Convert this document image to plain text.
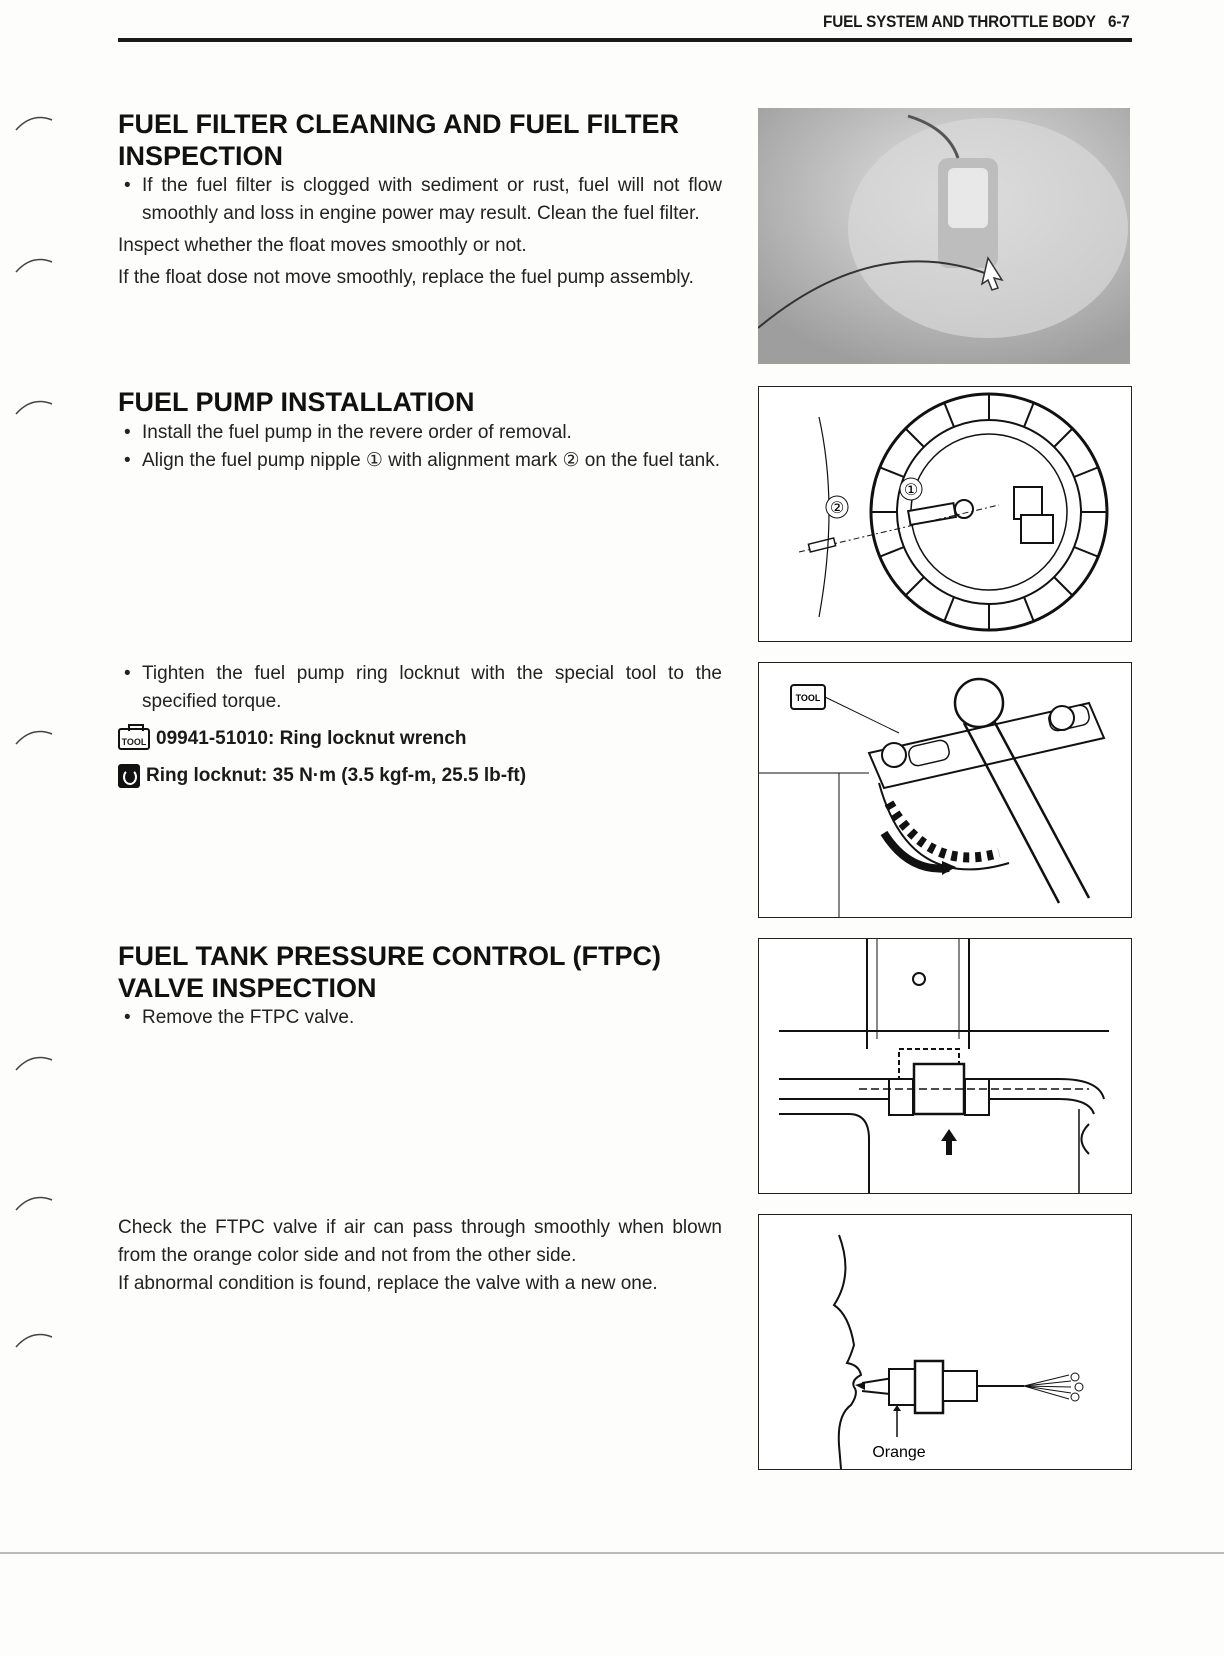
FUEL SYSTEM AND THROTTLE BODY 6-7
FUEL FILTER CLEANING AND FUEL FILTER
INSPECTION
• If the fuel filter is clogged with sediment or rust, fuel will not flow smoothly and loss in engine power may result. Clean the fuel filter.

Inspect whether the float moves smoothly or not.

If the float dose not move smoothly, replace the fuel pump assembly.

FUEL PUMP INSTALLATION
• Install the fuel pump in the revere order of removal.
• Align the fuel pump nipple ① with alignment mark ② on the fuel tank.
②
①
• Tighten the fuel pump ring locknut with the special tool to the specified torque.
TOOL 09941-51010: Ring locknut wrench
Ring locknut: 35 N·m (3.5 kgf-m, 25.5 lb-ft)
TOOL
FUEL TANK PRESSURE CONTROL (FTPC)
VALVE INSPECTION
• Remove the FTPC valve.

Check the FTPC valve if air can pass through smoothly when blown from the orange color side and not from the other side.

If abnormal condition is found, replace the valve with a new one.

Orange
